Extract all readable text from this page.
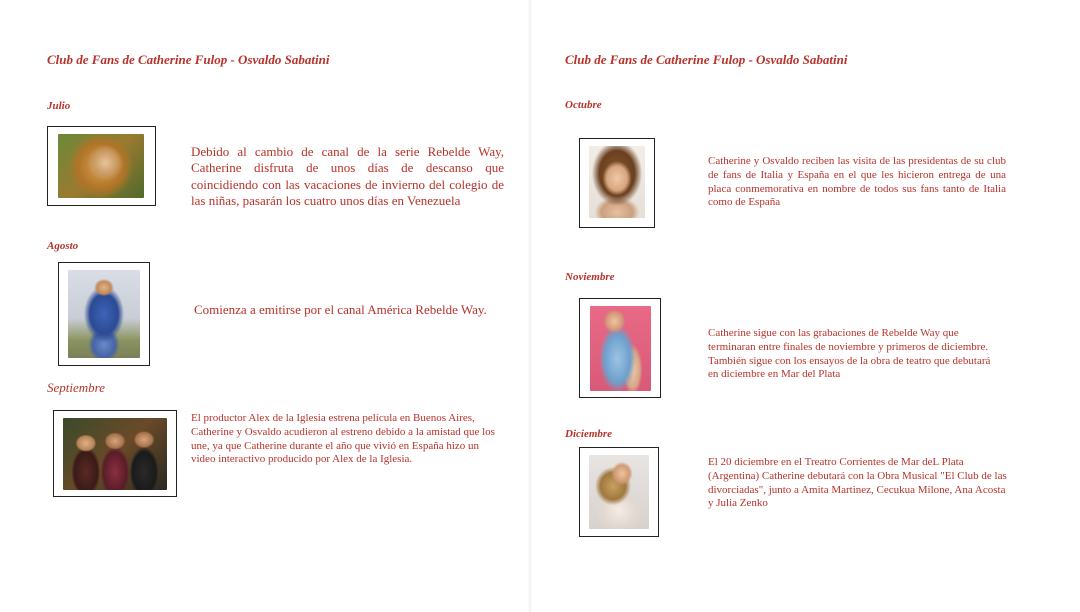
Club de Fans de Catherine Fulop - Osvaldo Sabatini
Julio
Debido al cambio de canal de la serie Rebelde Way, Catherine disfruta de unos días de descanso que coincidiendo con las vacaciones de invierno del colegio de las niñas, pasarán los cuatro unos días en Venezuela
Agosto
Comienza a emitirse por el canal América Rebelde Way.
Septiembre
El productor Alex de la Iglesia estrena película en Buenos Aires, Catherine y Osvaldo acudieron al estreno debido a la amistad que los une, ya que Catherine durante el año que vivió en España hizo un video interactivo producido por Alex de la Iglesia.
Club de Fans de Catherine Fulop - Osvaldo Sabatini
Octubre
Catherine y Osvaldo reciben las visita de las presidentas de su club de fans de Italia y España en el que les hicieron entrega de una placa conmemorativa en nombre de todos sus fans tanto de Italia como de España
Noviembre
Catherine sigue con las grabaciones de Rebelde Way que terminaran entre finales de noviembre y primeros de diciembre. También sigue con los ensayos de la obra de teatro que debutará en diciembre en Mar del Plata
Diciembre
El 20 diciembre en el Treatro Corrientes de Mar deL Plata (Argentina) Catherine debutará con la Obra Musical "El Club de las divorciadas", junto a Amita Martinez, Cecukua Milone, Ana Acosta y Julia Zenko
